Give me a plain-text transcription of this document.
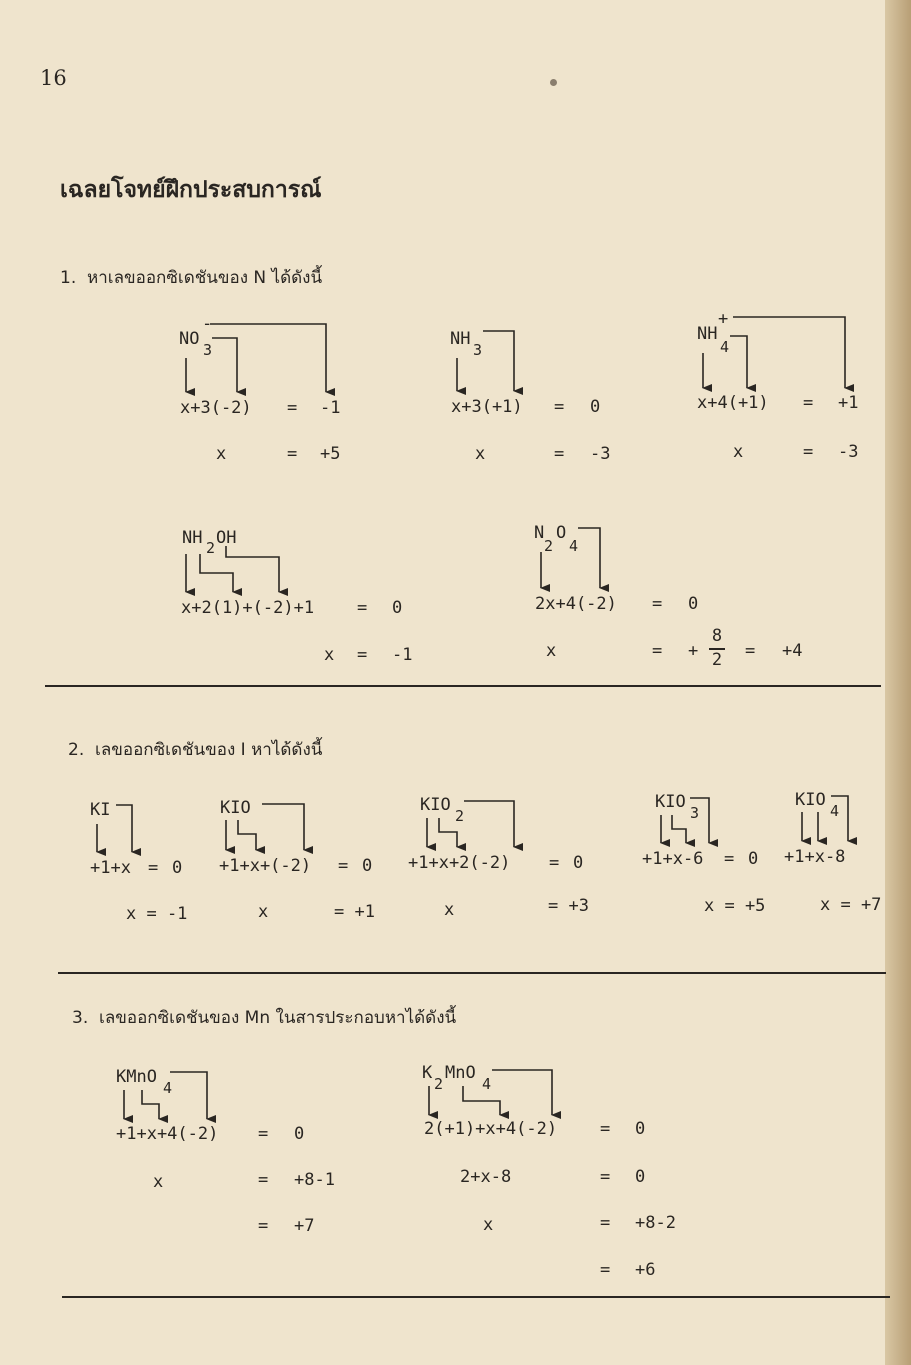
16
เฉลยโจทย์ฝึกประสบการณ์
1.  หาเลขออกซิเดชันของ N ได้ดังนี้
NO
3
-
x+3(-2) = -1
x	= +5
NH
3
x+3(+1) = 0
x	= -3
NH
4
+
x+4(+1) = +1
x	= -3
NH 2 OH
x+2(1)+(-2)+1	= 0
x = -1
N
2
O
4
2x+4(-2) = 0
x	= +
8
2 = +4
2.  เลขออกซิเดชันของ I หาได้ดังนี้
KI
+1+x = 0
x = -1
KIO
+1+x+(-2) = 0
x	= +1
KIO
2
+1+x+2(-2) = 0
x	= +3
KIO
3
+1+x-6 = 0
x = +5
KIO
4
+1+x-8
x = +7
3.  เลขออกซิเดชันของ Mn ในสารประกอบหาได้ดังนี้
KMnO
4
+1+x+4(-2) = 0
x	= +8-1
= +7
K
2
MnO
4
2(+1)+x+4(-2)	= 0
2+x-8	= 0
x	= +8-2
= +6
